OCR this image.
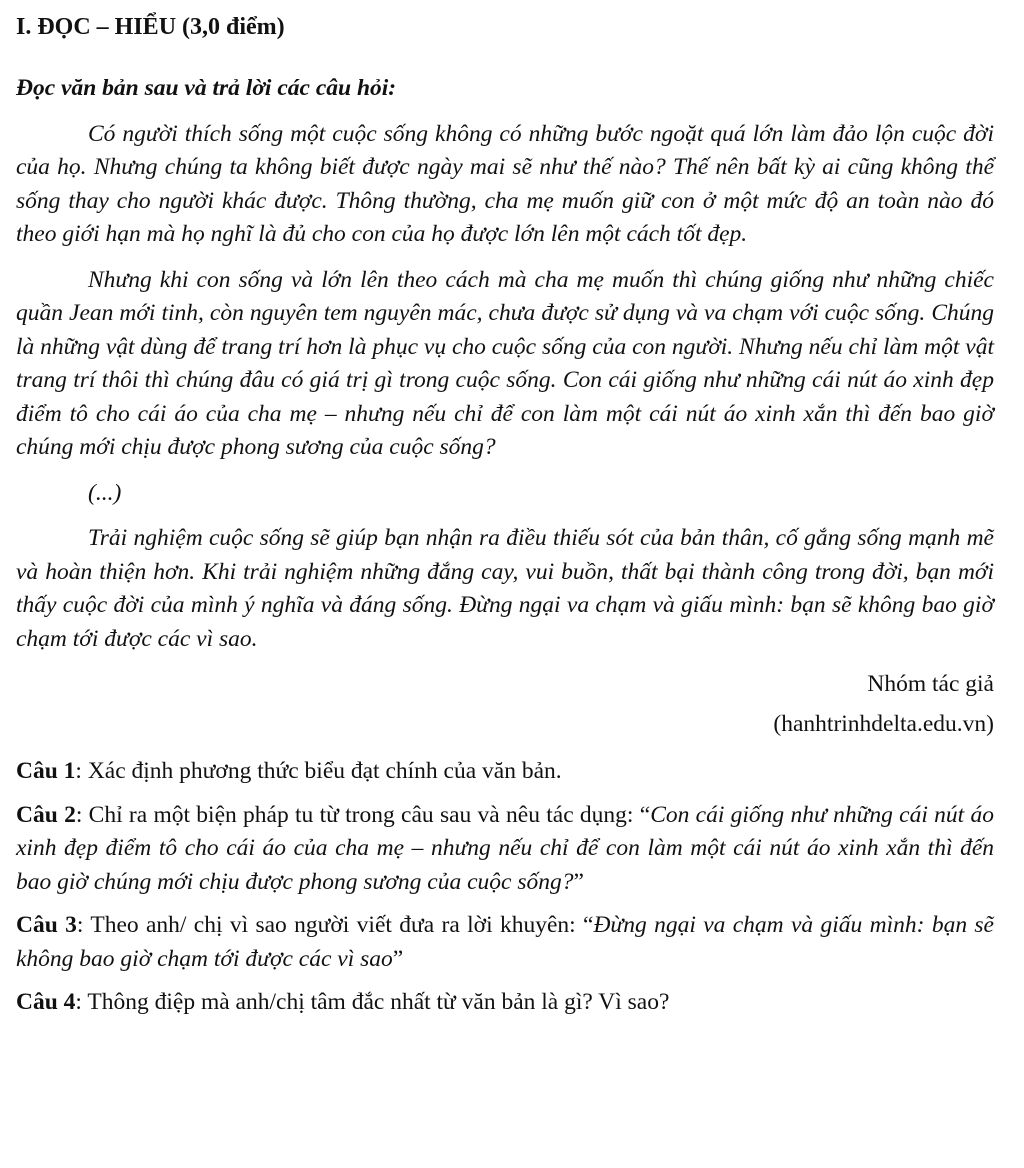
I. ĐỌC – HIỂU (3,0 điểm)
Đọc văn bản sau và trả lời các câu hỏi:

Có người thích sống một cuộc sống không có những bước ngoặt quá lớn làm đảo lộn cuộc đời của họ. Nhưng chúng ta không biết được ngày mai sẽ như thế nào? Thế nên bất kỳ ai cũng không thể sống thay cho người khác được. Thông thường, cha mẹ muốn giữ con ở một mức độ an toàn nào đó theo giới hạn mà họ nghĩ là đủ cho con của họ được lớn lên một cách tốt đẹp.

Nhưng khi con sống và lớn lên theo cách mà cha mẹ muốn thì chúng giống như những chiếc quần Jean mới tinh, còn nguyên tem nguyên mác, chưa được sử dụng và va chạm với cuộc sống. Chúng là những vật dùng để trang trí hơn là phục vụ cho cuộc sống của con người. Nhưng nếu chỉ làm một vật trang trí thôi thì chúng đâu có giá trị gì trong cuộc sống. Con cái giống như những cái nút áo xinh đẹp điểm tô cho cái áo của cha mẹ – nhưng nếu chỉ để con làm một cái nút áo xinh xắn thì đến bao giờ chúng mới chịu được phong sương của cuộc sống?

(...)

Trải nghiệm cuộc sống sẽ giúp bạn nhận ra điều thiếu sót của bản thân, cố gắng sống mạnh mẽ và hoàn thiện hơn. Khi trải nghiệm những đắng cay, vui buồn, thất bại thành công trong đời, bạn mới thấy cuộc đời của mình ý nghĩa và đáng sống. Đừng ngại va chạm và giấu mình: bạn sẽ không bao giờ chạm tới được các vì sao.

Nhóm tác giả

(hanhtrinhdelta.edu.vn)

Câu 1: Xác định phương thức biểu đạt chính của văn bản.

Câu 2: Chỉ ra một biện pháp tu từ trong câu sau và nêu tác dụng: “Con cái giống như những cái nút áo xinh đẹp điểm tô cho cái áo của cha mẹ – nhưng nếu chỉ để con làm một cái nút áo xinh xắn thì đến bao giờ chúng mới chịu được phong sương của cuộc sống?”

Câu 3: Theo anh/ chị vì sao người viết đưa ra lời khuyên: “Đừng ngại va chạm và giấu mình: bạn sẽ không bao giờ chạm tới được các vì sao”

Câu 4: Thông điệp mà anh/chị tâm đắc nhất từ văn bản là gì? Vì sao?
